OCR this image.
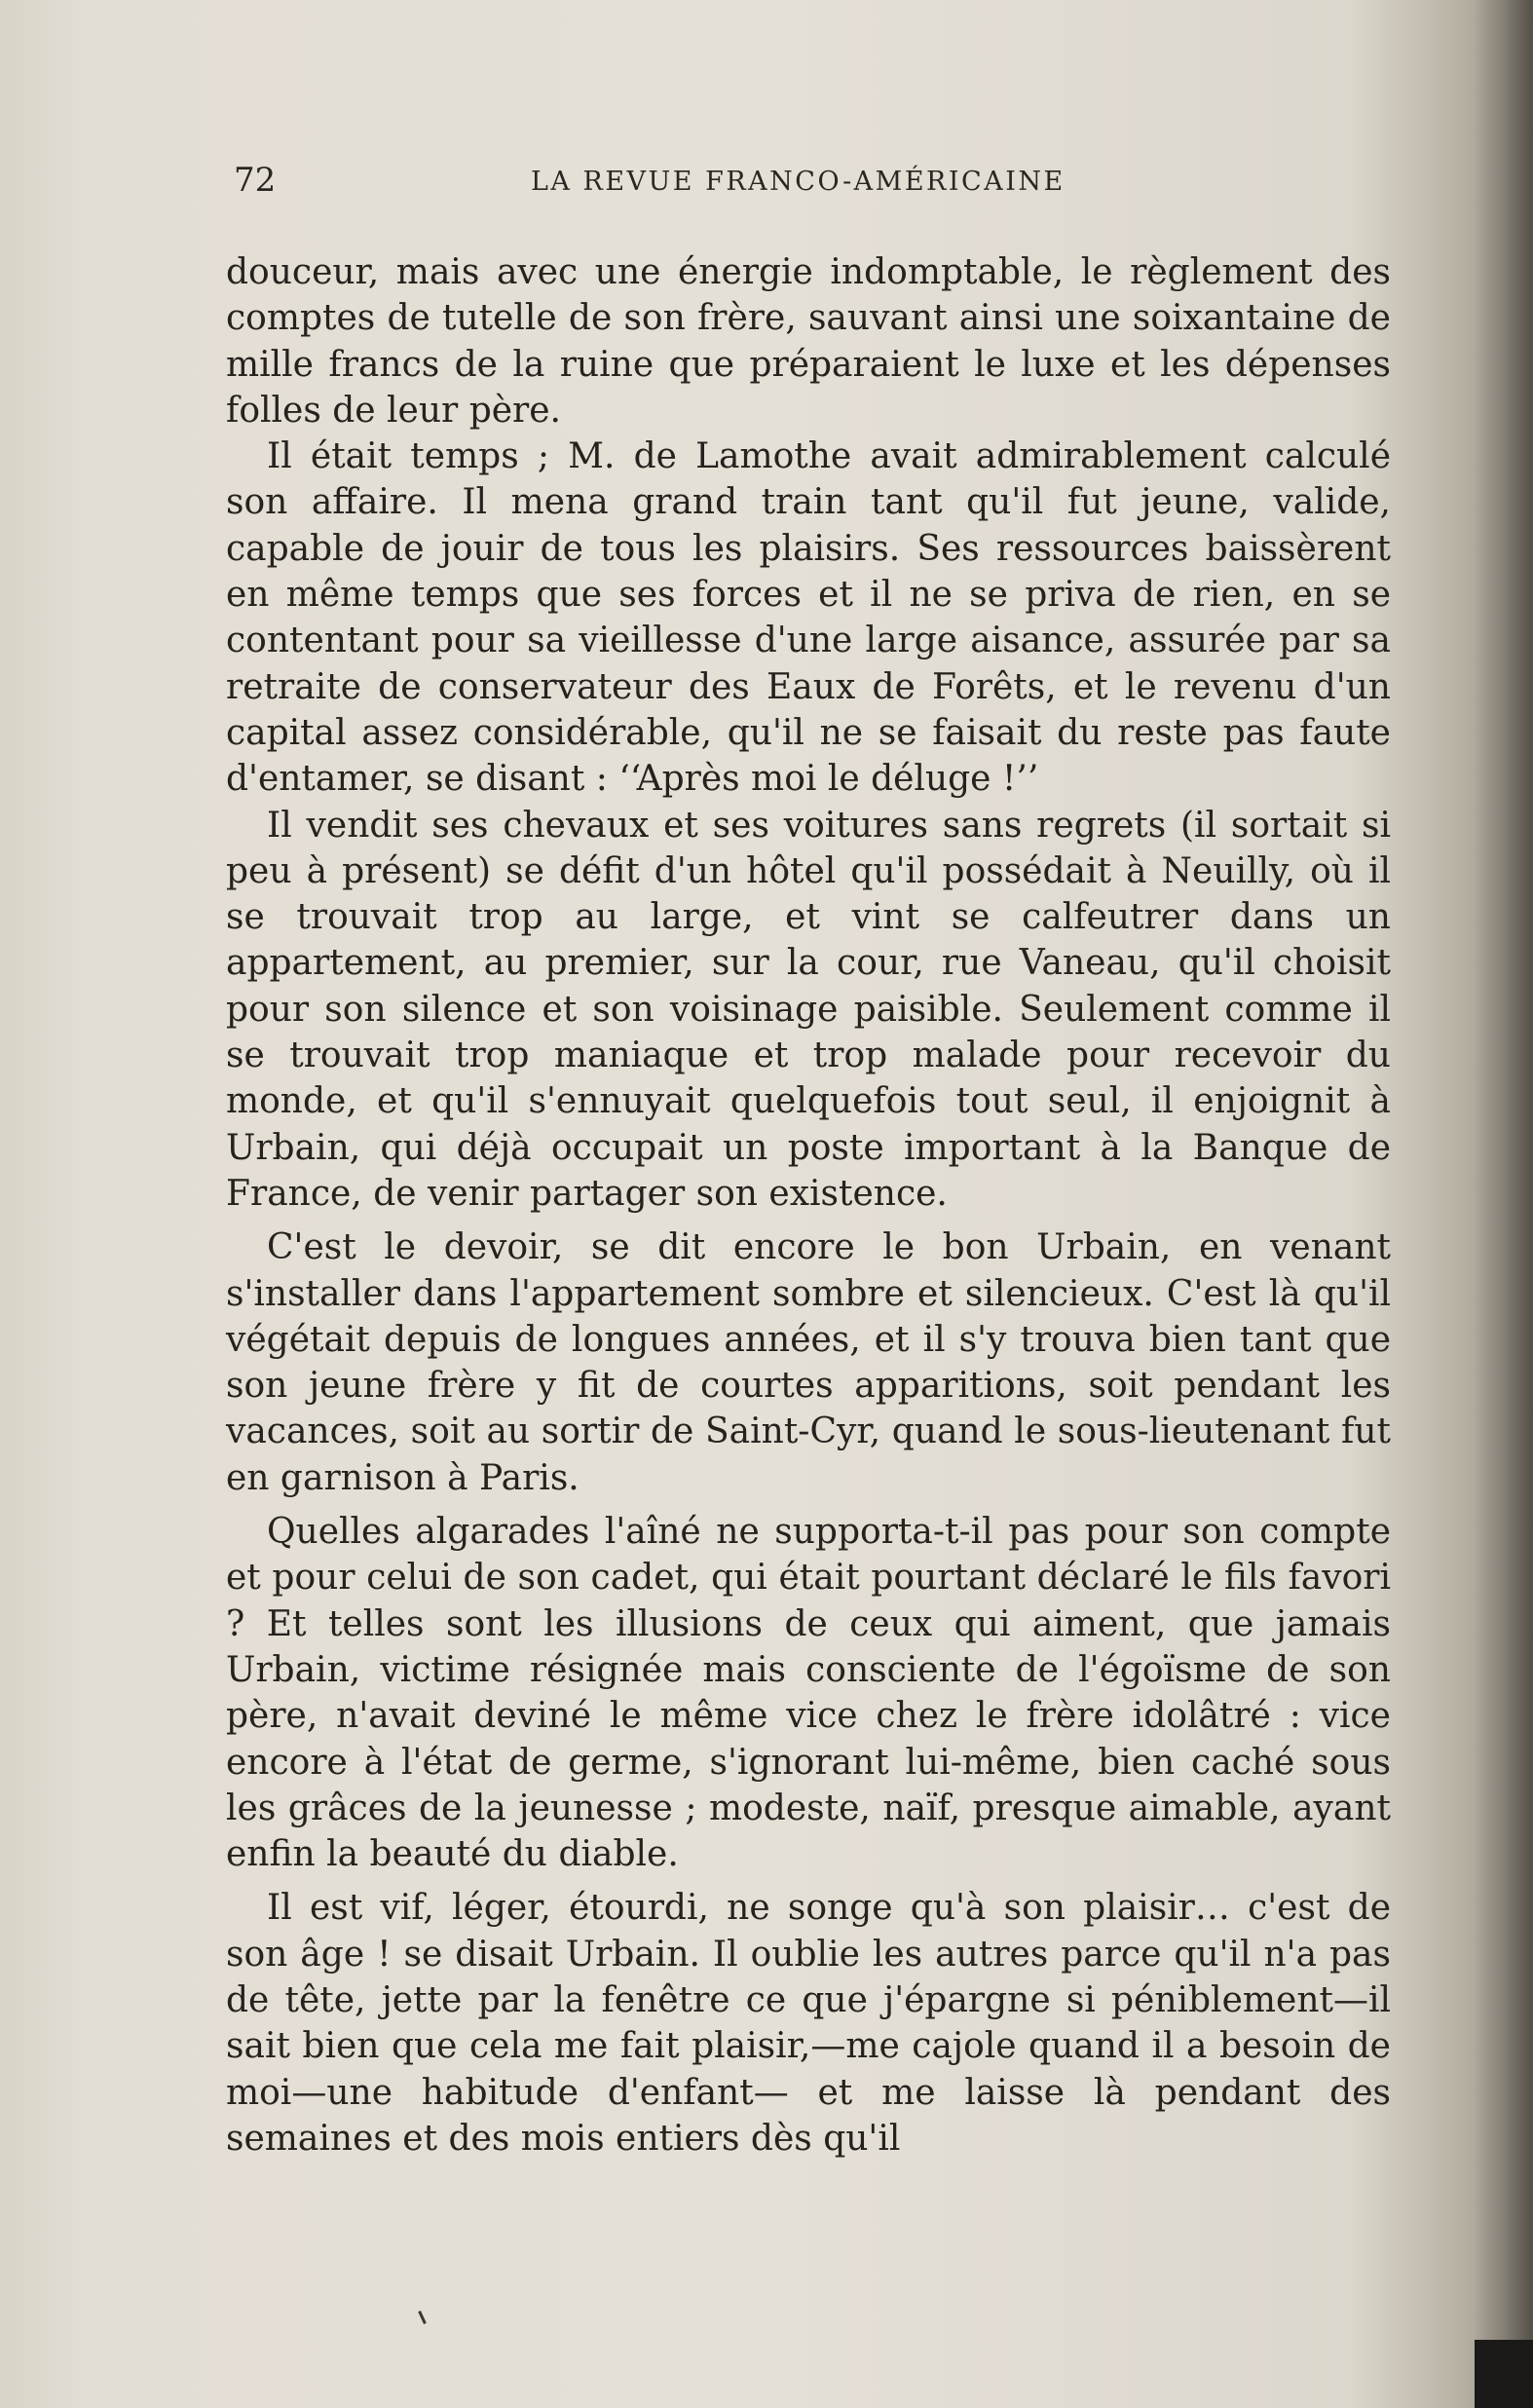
72	LA REVUE FRANCO-AMÉRICAINE

douceur, mais avec une énergie indomptable, le règlement des comptes de tutelle de son frère, sauvant ainsi une soixantaine de mille francs de la ruine que préparaient le luxe et les dépenses folles de leur père.

Il était temps ; M. de Lamothe avait admirablement calculé son affaire. Il mena grand train tant qu'il fut jeune, valide, capable de jouir de tous les plaisirs. Ses ressources baissèrent en même temps que ses forces et il ne se priva de rien, en se contentant pour sa vieillesse d'une large aisance, assurée par sa retraite de conservateur des Eaux de Forêts, et le revenu d'un capital assez considérable, qu'il ne se faisait du reste pas faute d'entamer, se disant : ‘‘Après moi le déluge !’’

Il vendit ses chevaux et ses voitures sans regrets (il sortait si peu à présent) se défit d'un hôtel qu'il possédait à Neuilly, où il se trouvait trop au large, et vint se calfeutrer dans un appartement, au premier, sur la cour, rue Vaneau, qu'il choisit pour son silence et son voisinage paisible. Seulement comme il se trouvait trop maniaque et trop malade pour recevoir du monde, et qu'il s'ennuyait quelquefois tout seul, il enjoignit à Urbain, qui déjà occupait un poste important à la Banque de France, de venir partager son existence.

C'est le devoir, se dit encore le bon Urbain, en venant s'installer dans l'appartement sombre et silencieux. C'est là qu'il végétait depuis de longues années, et il s'y trouva bien tant que son jeune frère y fit de courtes apparitions, soit pendant les vacances, soit au sortir de Saint-Cyr, quand le sous-lieutenant fut en garnison à Paris.

Quelles algarades l'aîné ne supporta-t-il pas pour son compte et pour celui de son cadet, qui était pourtant déclaré le fils favori ? Et telles sont les illusions de ceux qui aiment, que jamais Urbain, victime résignée mais consciente de l'égoïsme de son père, n'avait deviné le même vice chez le frère idolâtré : vice encore à l'état de germe, s'ignorant lui-même, bien caché sous les grâces de la jeunesse ; modeste, naïf, presque aimable, ayant enfin la beauté du diable.

Il est vif, léger, étourdi, ne songe qu'à son plaisir… c'est de son âge ! se disait Urbain. Il oublie les autres parce qu'il n'a pas de tête, jette par la fenêtre ce que j'épargne si péniblement—il sait bien que cela me fait plaisir,—me cajole quand il a besoin de moi—une habitude d'enfant— et me laisse là pendant des semaines et des mois entiers dès qu'il
